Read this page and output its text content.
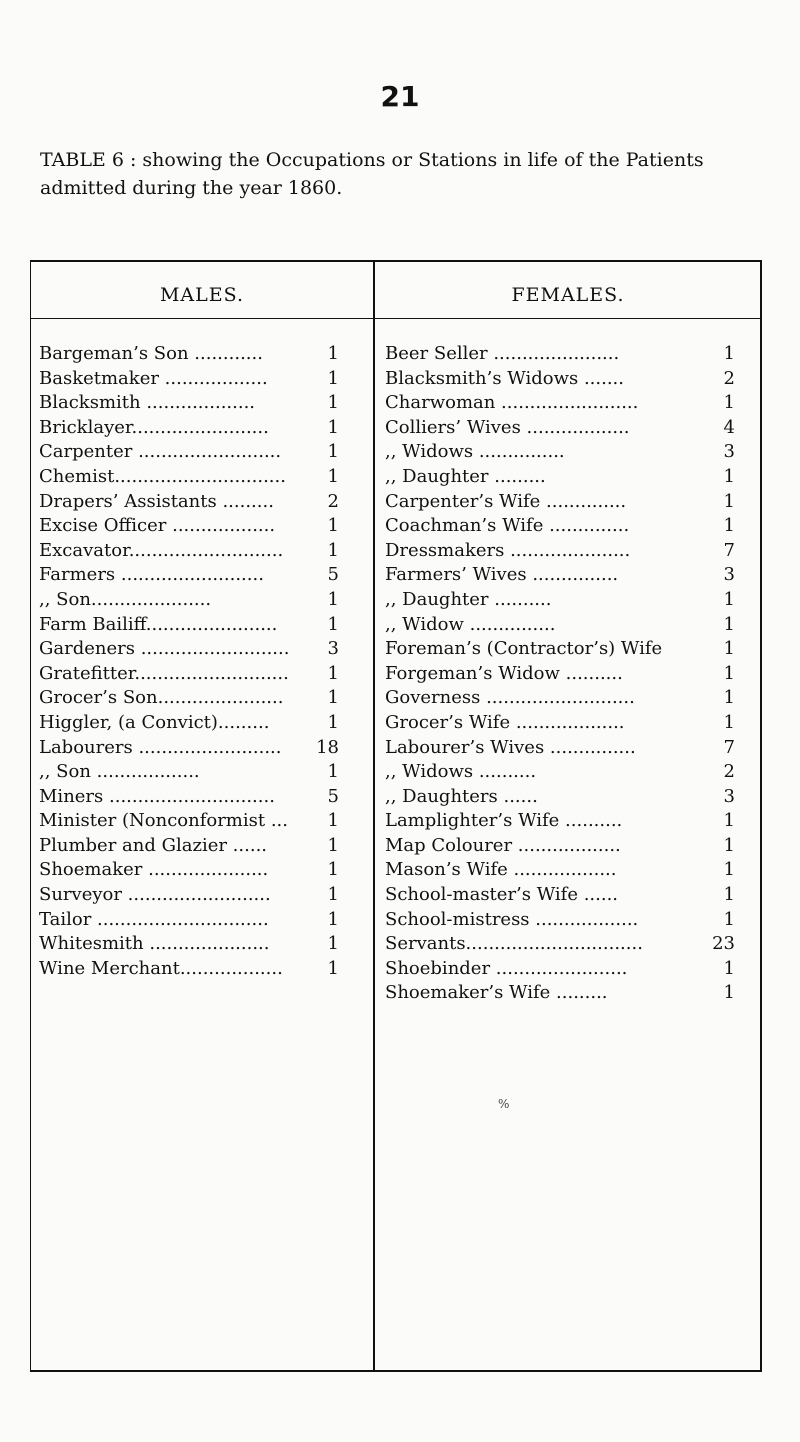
21
TABLE 6 : showing the Occupations or Stations in life of the Patients admitted during the year 1860.
MALES.	FEMALES.
Bargeman’s Son ............	1
Basketmaker ..................	1
Blacksmith ...................	1
Bricklayer........................	1
Carpenter .........................	1
Chemist..............................	1
Drapers’ Assistants .........	2
Excise Officer ..................	1
Excavator...........................	1
Farmers .........................	5
,, Son.....................	1
Farm Bailiff.......................	1
Gardeners ..........................	3
Gratefitter...........................	1
Grocer’s Son......................	1
Higgler, (a Convict).........	1
Labourers .........................	18
,, Son ..................	1
Miners .............................	5
Minister (Nonconformist ...	1
Plumber and Glazier ......	1
Shoemaker .....................	1
Surveyor .........................	1
Tailor ..............................	1
Whitesmith .....................	1
Wine Merchant..................	1
Beer Seller ......................	1
Blacksmith’s Widows .......	2
Charwoman ........................	1
Colliers’ Wives ..................	4
,, Widows ...............	3
,, Daughter .........	1
Carpenter’s Wife ..............	1
Coachman’s Wife ..............	1
Dressmakers .....................	7
Farmers’ Wives ...............	3
,, Daughter ..........	1
,, Widow ...............	1
Foreman’s (Contractor’s) Wife	1
Forgeman’s Widow ..........	1
Governess ..........................	1
Grocer’s Wife ...................	1
Labourer’s Wives ...............	7
,, Widows ..........	2
,, Daughters ......	3
Lamplighter’s Wife ..........	1
Map Colourer ..................	1
Mason’s Wife ..................	1
School-master’s Wife ......	1
School-mistress ..................	1
Servants...............................	23
Shoebinder .......................	1
Shoemaker’s Wife .........	1
%
